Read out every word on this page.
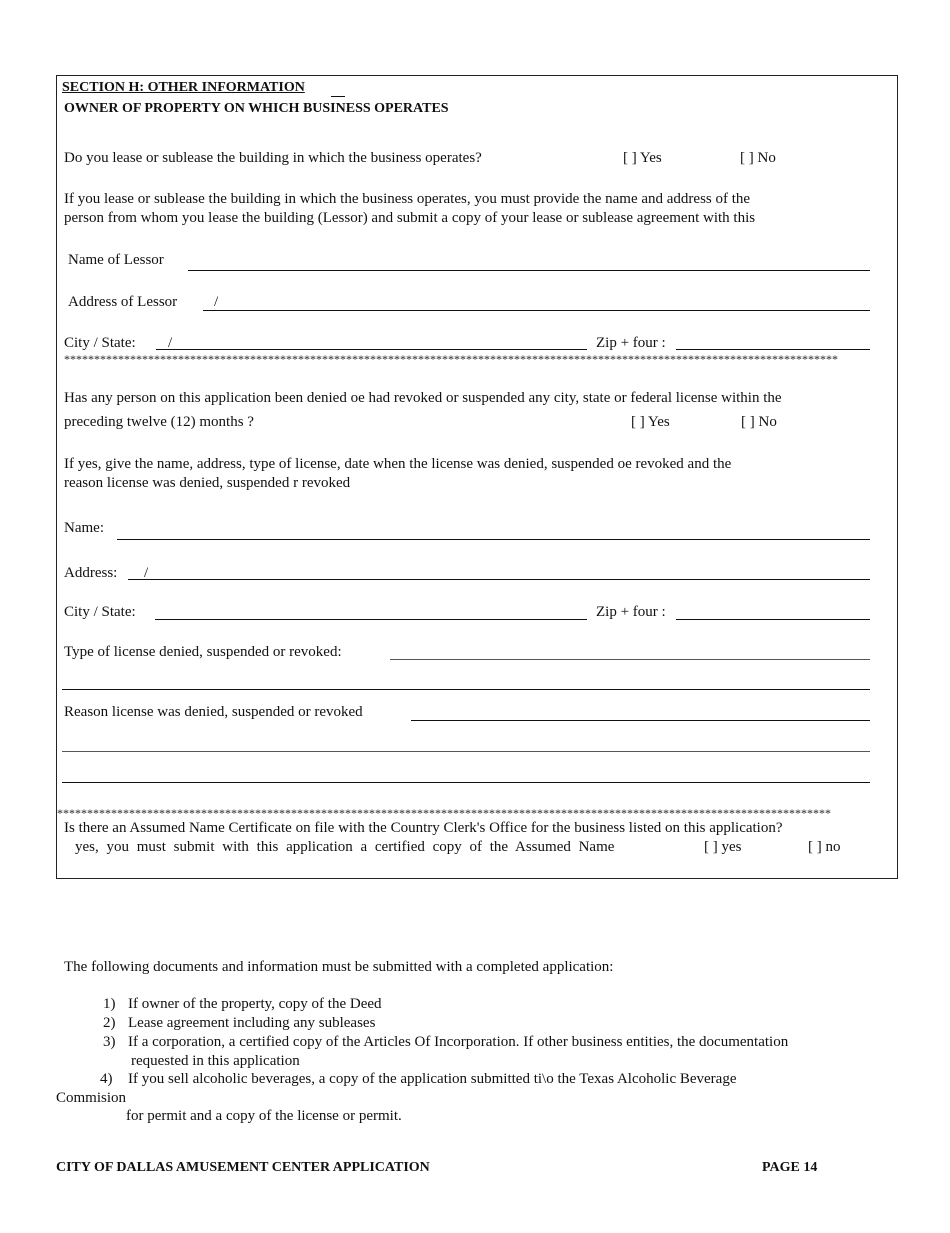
SECTION H: OTHER INFORMATION
OWNER OF PROPERTY ON WHICH BUSINESS OPERATES
Do you lease or sublease the building in which the business operates?	[ ] Yes	[ ] No
If you lease or sublease the building in which the business operates, you must provide the name and address of the
person from whom you lease the building (Lessor) and submit a copy of your lease or sublease agreement with this
Name of Lessor
Address of Lessor /
City / State: /	Zip + four :
*********************************************************************************************************************************
Has any person on this application been denied oe had revoked or suspended any city, state or federal license within the
preceding twelve (12) months ?	[ ] Yes	[ ] No
If yes, give the name, address, type of license, date when the license was denied, suspended oe revoked and the
reason license was denied, suspended r revoked
Name:
Address: /
City / State:	Zip + four :
Type of license denied, suspended or revoked:
Reason license was denied, suspended or revoked
*********************************************************************************************************************************
Is there an Assumed Name Certificate on file with the Country Clerk's Office for the business listed on this application?
yes, you must submit with this application a certified copy of the Assumed Name	[ ] yes	[ ] no
The following documents and information must be submitted with a completed application:
1) If owner of the property, copy of the Deed
2) Lease agreement including any subleases
3) If a corporation, a certified copy of the Articles Of Incorporation. If other business entities, the documentation
requested in this application
4) If you sell alcoholic beverages, a copy of the application submitted ti\o the Texas Alcoholic Beverage
Commision
for permit and a copy of the license or permit.
CITY OF DALLAS AMUSEMENT CENTER APPLICATION	PAGE 14
